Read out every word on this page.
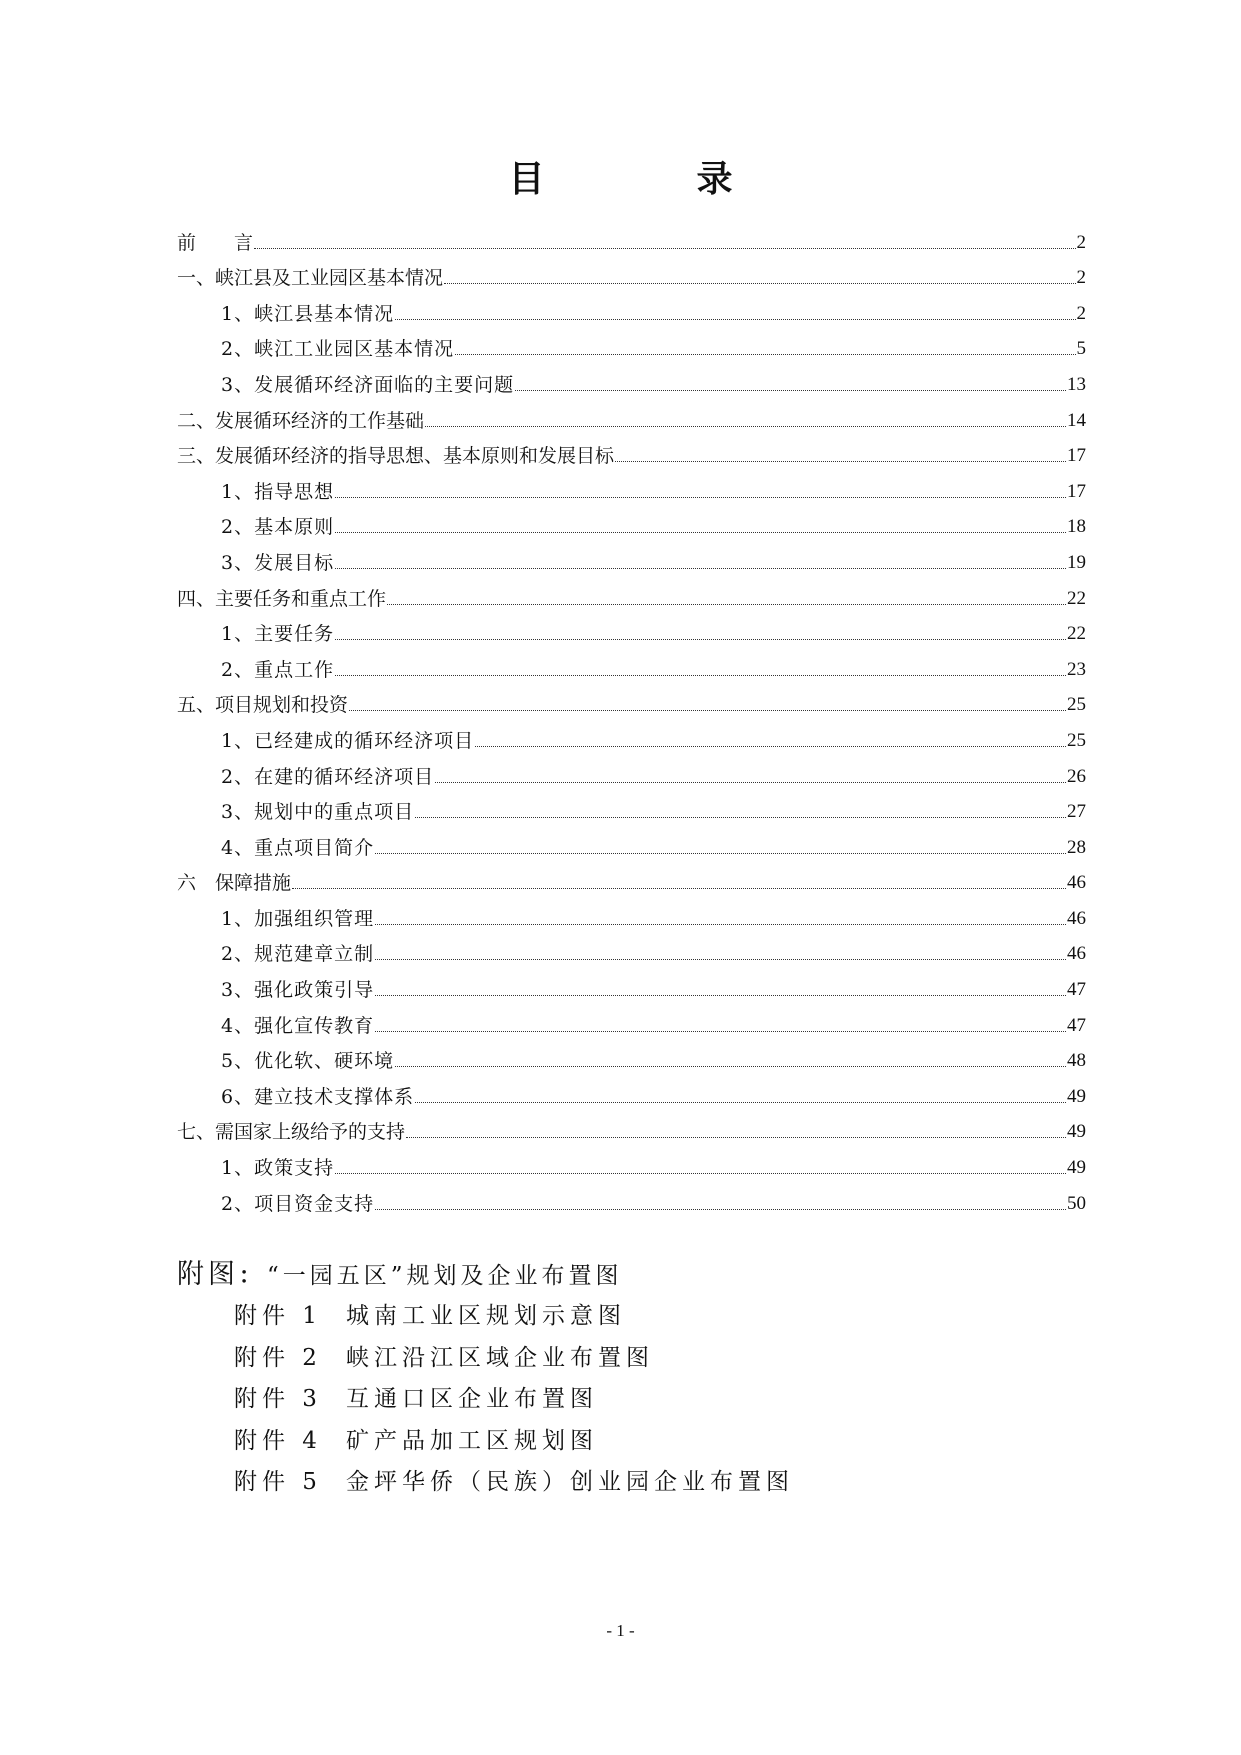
目　录
前　　言	2
一、峡江县及工业园区基本情况	2
1、峡江县基本情况	2
2、峡江工业园区基本情况	5
3、发展循环经济面临的主要问题	13
二、发展循环经济的工作基础	14
三、发展循环经济的指导思想、基本原则和发展目标	17
1、指导思想	17
2、基本原则	18
3、发展目标	19
四、主要任务和重点工作	22
1、主要任务	22
2、重点工作	23
五、项目规划和投资	25
1、已经建成的循环经济项目	25
2、在建的循环经济项目	26
3、规划中的重点项目	27
4、重点项目简介	28
六　保障措施	46
1、加强组织管理	46
2、规范建章立制	46
3、强化政策引导	47
4、强化宣传教育	47
5、优化软、硬环境	48
6、建立技术支撑体系	49
七、需国家上级给予的支持	49
1、政策支持	49
2、项目资金支持	50
附图 ： “一园五区”规划及企业布置图
附件 1	城南工业区规划示意图
附件 2	峡江沿江区域企业布置图
附件 3	互通口区企业布置图
附件 4	矿产品加工区规划图
附件 5	金坪华侨（民族）创业园企业布置图
- 1 -
